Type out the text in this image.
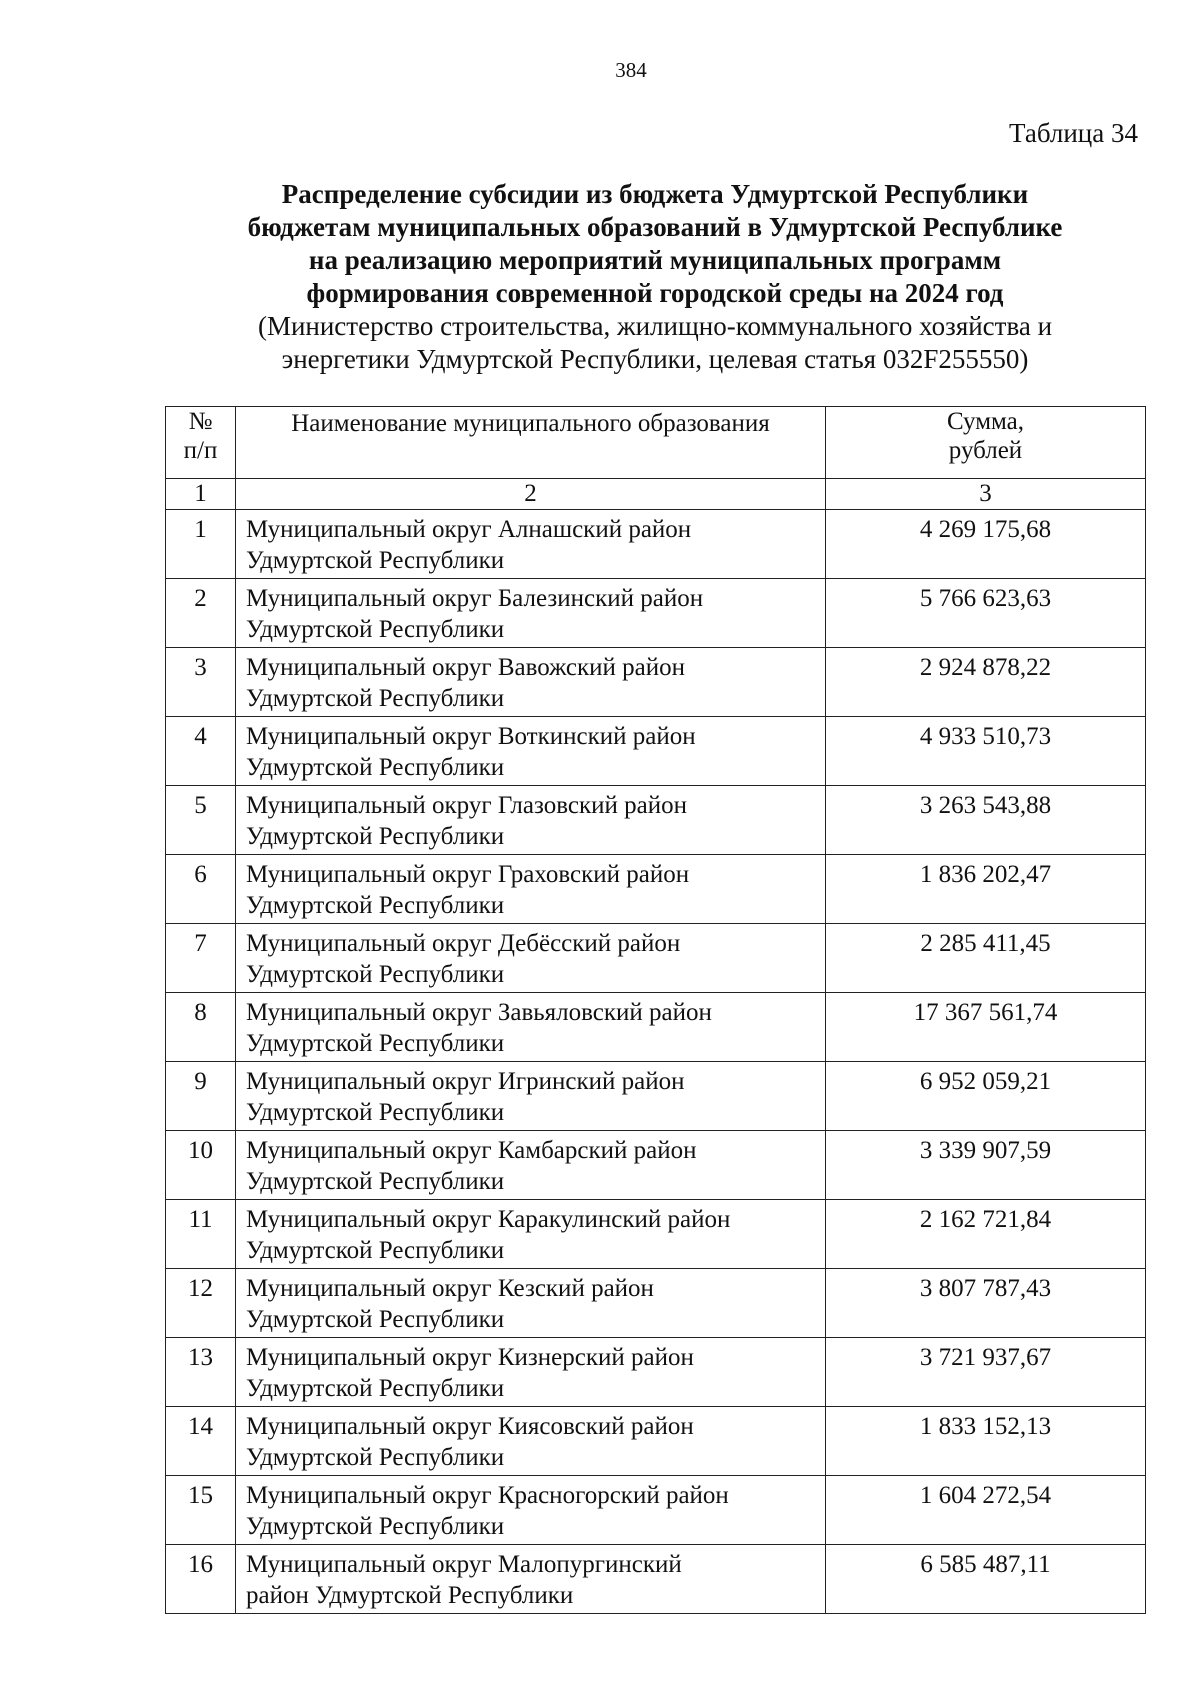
384
Таблица 34
Распределение субсидии из бюджета Удмуртской Республики
бюджетам муниципальных образований в Удмуртской Республике
на реализацию мероприятий муниципальных программ
формирования современной городской среды на 2024 год
(Министерство строительства, жилищно-коммунального хозяйства и
энергетики Удмуртской Республики, целевая статья 032F255550)
№
п/п	Наименование муниципального образования	Сумма,
рублей

1	2	3
1	Муниципальный округ Алнашский район
Удмуртской Республики	4 269 175,68
2	Муниципальный округ Балезинский район
Удмуртской Республики	5 766 623,63
3	Муниципальный округ Вавожский район
Удмуртской Республики	2 924 878,22
4	Муниципальный округ Воткинский район
Удмуртской Республики	4 933 510,73
5	Муниципальный округ Глазовский район
Удмуртской Республики	3 263 543,88
6	Муниципальный округ Граховский район
Удмуртской Республики	1 836 202,47
7	Муниципальный округ Дебёсский район
Удмуртской Республики	2 285 411,45
8	Муниципальный округ Завьяловский район
Удмуртской Республики	17 367 561,74
9	Муниципальный округ Игринский район
Удмуртской Республики	6 952 059,21
10	Муниципальный округ Камбарский район
Удмуртской Республики	3 339 907,59
11	Муниципальный округ Каракулинский район
Удмуртской Республики	2 162 721,84
12	Муниципальный округ Кезский район
Удмуртской Республики	3 807 787,43
13	Муниципальный округ Кизнерский район
Удмуртской Республики	3 721 937,67
14	Муниципальный округ Киясовский район
Удмуртской Республики	1 833 152,13
15	Муниципальный округ Красногорский район
Удмуртской Республики	1 604 272,54
16	Муниципальный округ Малопургинский
район Удмуртской Республики	6 585 487,11
